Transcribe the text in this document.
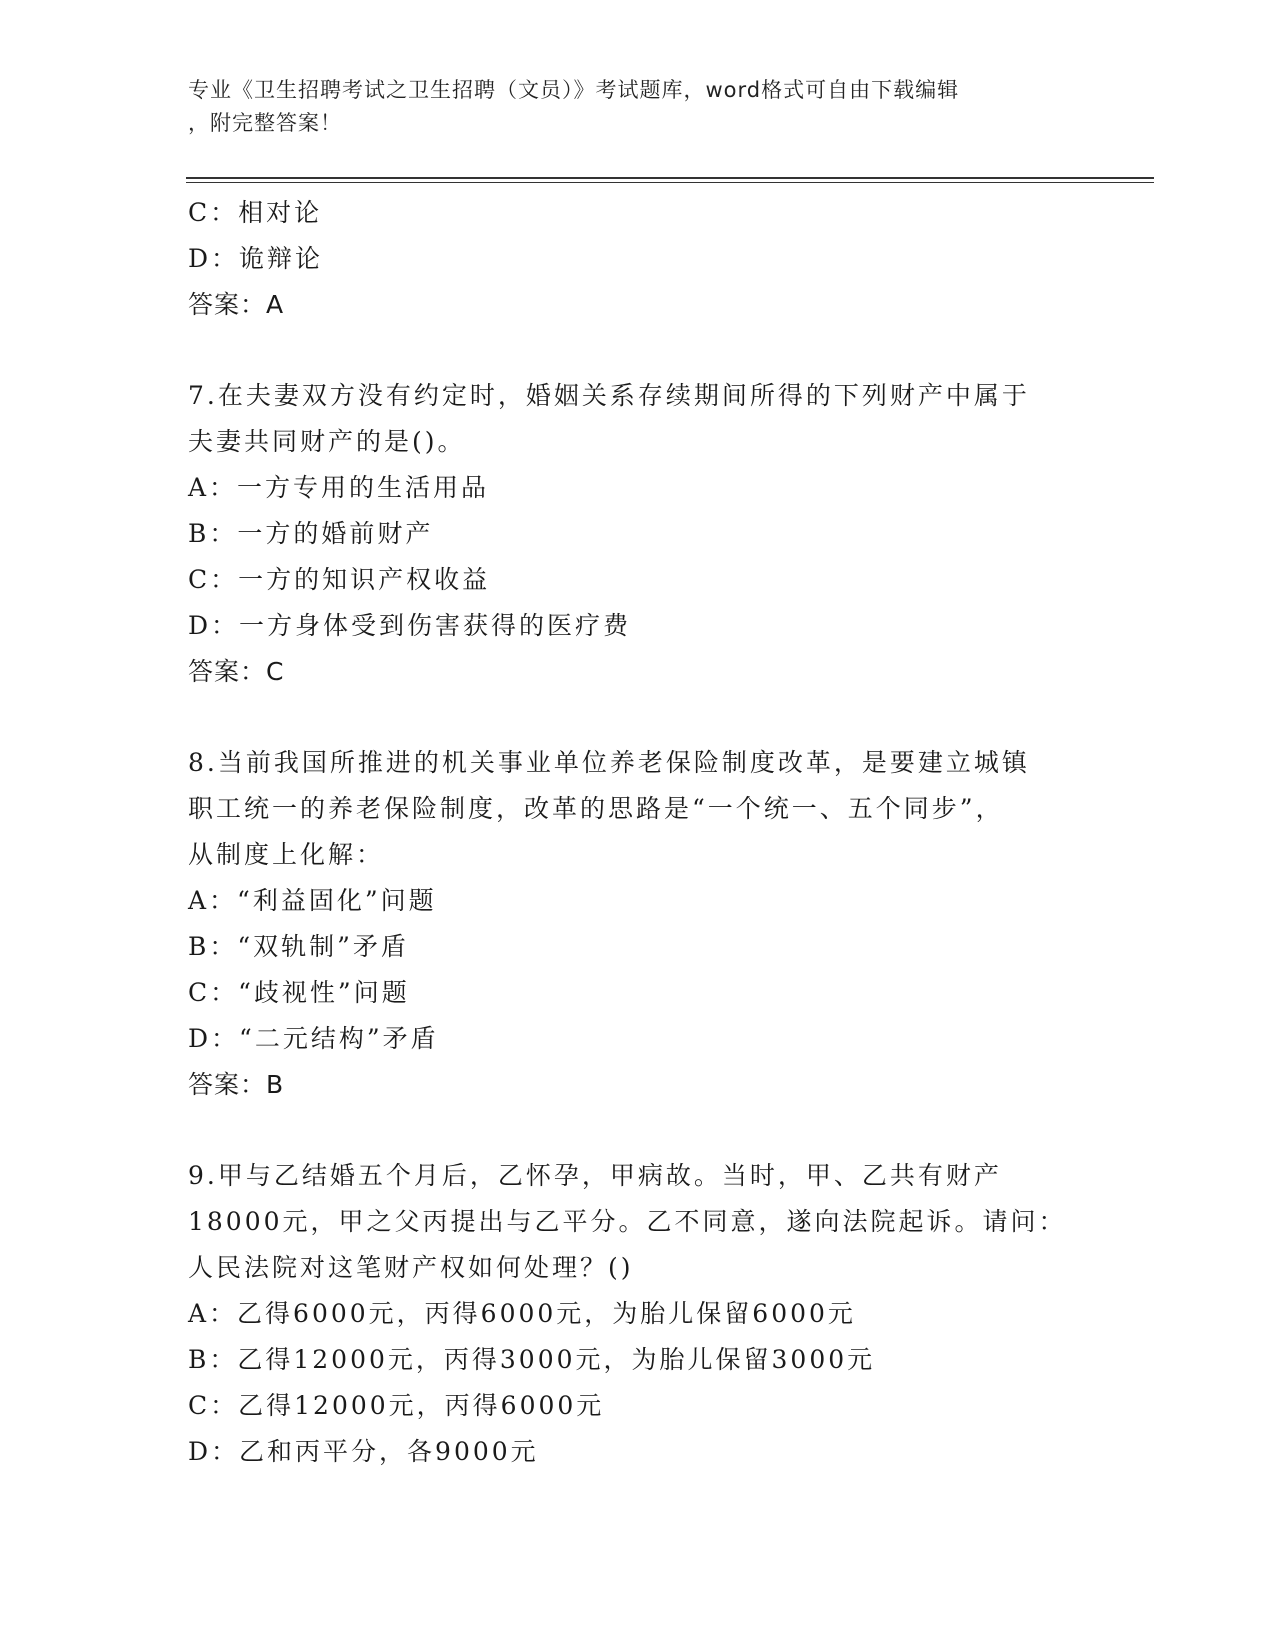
专业《卫生招聘考试之卫生招聘（文员）》考试题库，word格式可自由下载编辑
，附完整答案！
C：相对论
D：诡辩论
答案：A
7.在夫妻双方没有约定时，婚姻关系存续期间所得的下列财产中属于
夫妻共同财产的是()。
A：一方专用的生活用品
B：一方的婚前财产
C：一方的知识产权收益
D：一方身体受到伤害获得的医疗费
答案：C
8.当前我国所推进的机关事业单位养老保险制度改革，是要建立城镇
职工统一的养老保险制度，改革的思路是“一个统一、五个同步”，
从制度上化解：
A：“利益固化”问题
B：“双轨制”矛盾
C：“歧视性”问题
D：“二元结构”矛盾
答案：B
9.甲与乙结婚五个月后，乙怀孕，甲病故。当时，甲、乙共有财产
18000元，甲之父丙提出与乙平分。乙不同意，遂向法院起诉。请问：
人民法院对这笔财产权如何处理？()
A：乙得6000元，丙得6000元，为胎儿保留6000元
B：乙得12000元，丙得3000元，为胎儿保留3000元
C：乙得12000元，丙得6000元
D：乙和丙平分，各9000元
